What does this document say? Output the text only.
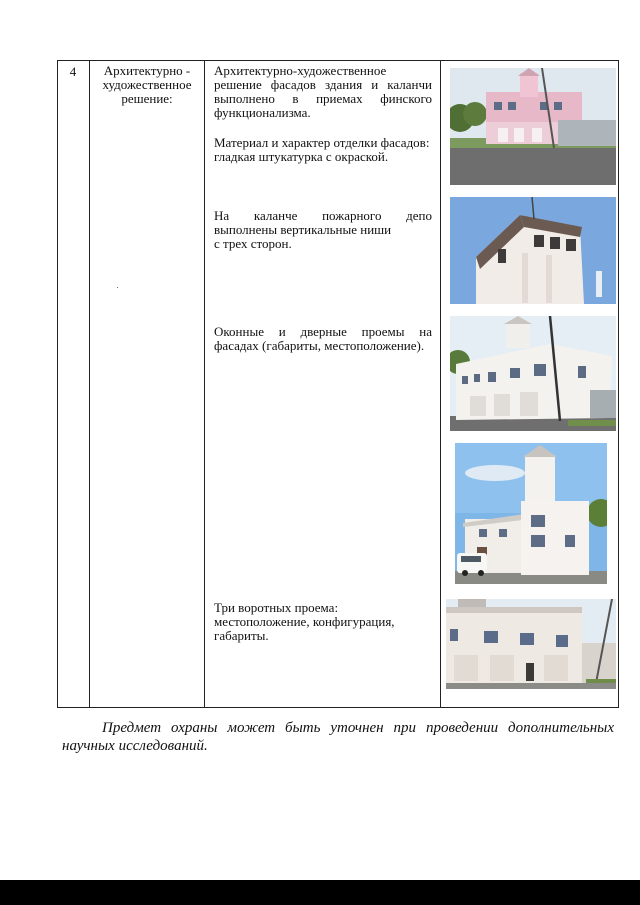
4	Архитектурно -
художественное
решение:
Архитектурно-художественное
решение фасадов здания и каланчи
выполнено в приемах финского
функционализма.
Материал и характер отделки фасадов:
гладкая штукатурка с окраской.
На каланче пожарного депо
выполнены вертикальные ниши
с трех сторон.
Оконные и дверные проемы на
фасадах (габариты, местоположение).
Три воротных проема:
местоположение, конфигурация,
габариты.
Предмет охраны может быть уточнен при проведении дополнительных научных исследований.
